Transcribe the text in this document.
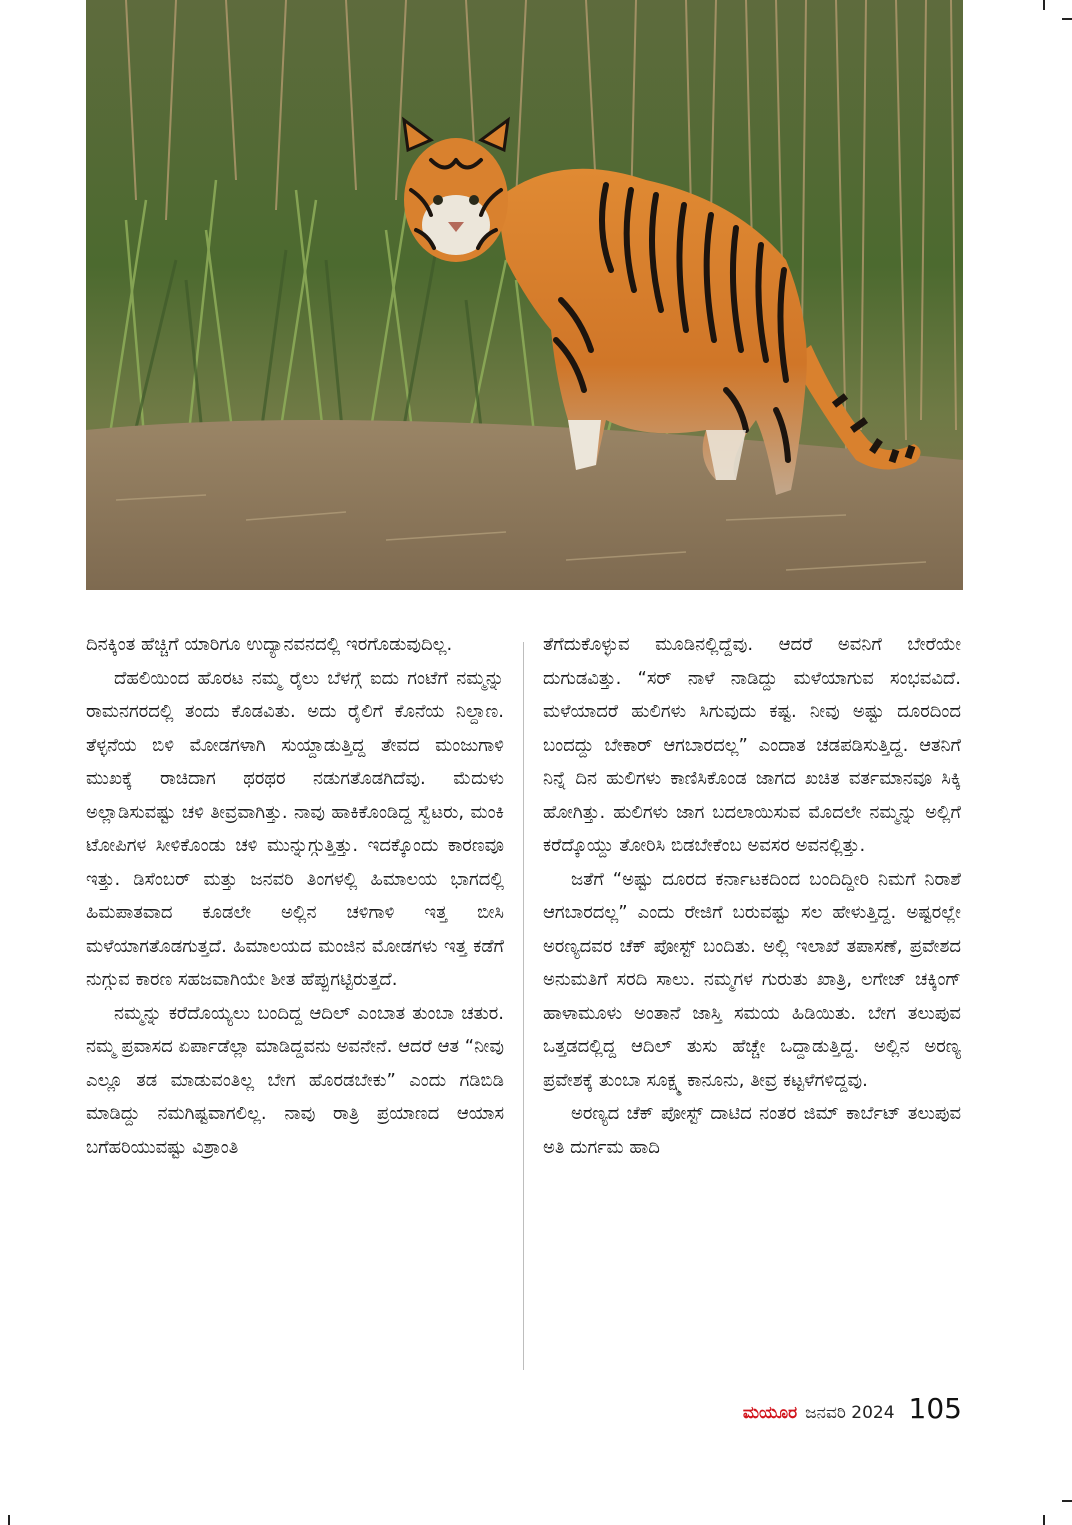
ದಿನಕ್ಕಿಂತ ಹೆಚ್ಚಿಗೆ ಯಾರಿಗೂ ಉದ್ಯಾನವನದಲ್ಲಿ ಇರಗೊಡುವುದಿಲ್ಲ.

ದೆಹಲಿಯಿಂದ ಹೊರಟ ನಮ್ಮ ರೈಲು ಬೆಳಗ್ಗೆ ಐದು ಗಂಟೆಗೆ ನಮ್ಮನ್ನು ರಾಮನಗರದಲ್ಲಿ ತಂದು ಕೊಡವಿತು. ಅದು ರೈಲಿಗೆ ಕೊನೆಯ ನಿಲ್ದಾಣ. ತೆಳ್ಳನೆಯ ಬಿಳಿ ಮೋಡಗಳಾಗಿ ಸುಯ್ದಾಡುತ್ತಿದ್ದ ತೇವದ ಮಂಜುಗಾಳಿ ಮುಖಕ್ಕೆ ರಾಚಿದಾಗ ಥರಥರ ನಡುಗತೊಡಗಿದೆವು. ಮೆದುಳು ಅಲ್ಲಾಡಿಸುವಷ್ಟು ಚಳಿ ತೀವ್ರವಾಗಿತ್ತು. ನಾವು ಹಾಕಿಕೊಂಡಿದ್ದ ಸ್ವೆಟರು, ಮಂಕಿ ಟೋಪಿಗಳ ಸೀಳಿಕೊಂಡು ಚಳಿ ಮುನ್ನುಗ್ಗುತ್ತಿತ್ತು. ಇದಕ್ಕೊಂದು ಕಾರಣವೂ ಇತ್ತು. ಡಿಸೆಂಬರ್ ಮತ್ತು ಜನವರಿ ತಿಂಗಳಲ್ಲಿ ಹಿಮಾಲಯ ಭಾಗದಲ್ಲಿ ಹಿಮಪಾತವಾದ ಕೂಡಲೇ ಅಲ್ಲಿನ ಚಳಿಗಾಳಿ ಇತ್ತ ಬೀಸಿ ಮಳೆಯಾಗತೊಡಗುತ್ತದೆ. ಹಿಮಾಲಯದ ಮಂಜಿನ ಮೋಡಗಳು ಇತ್ತ ಕಡೆಗೆ ನುಗ್ಗುವ ಕಾರಣ ಸಹಜವಾಗಿಯೇ ಶೀತ ಹೆಪ್ಪುಗಟ್ಟಿರುತ್ತದೆ.

ನಮ್ಮನ್ನು ಕರೆದೊಯ್ಯಲು ಬಂದಿದ್ದ ಆದಿಲ್ ಎಂಬಾತ ತುಂಬಾ ಚತುರ. ನಮ್ಮ ಪ್ರವಾಸದ ಏರ್ಪಾಡೆಲ್ಲಾ ಮಾಡಿದ್ದವನು ಅವನೇನೆ. ಆದರೆ ಆತ “ನೀವು ಎಲ್ಲೂ ತಡ ಮಾಡುವಂತಿಲ್ಲ ಬೇಗ ಹೊರಡಬೇಕು” ಎಂದು ಗಡಿಬಿಡಿ ಮಾಡಿದ್ದು ನಮಗಿಷ್ಟವಾಗಲಿಲ್ಲ. ನಾವು ರಾತ್ರಿ ಪ್ರಯಾಣದ ಆಯಾಸ ಬಗೆಹರಿಯುವಷ್ಟು ವಿಶ್ರಾಂತಿ

ತೆಗೆದುಕೊಳ್ಳುವ ಮೂಡಿನಲ್ಲಿದ್ದೆವು. ಆದರೆ ಅವನಿಗೆ ಬೇರೆಯೇ ದುಗುಡವಿತ್ತು. “ಸರ್ ನಾಳೆ ನಾಡಿದ್ದು ಮಳೆಯಾಗುವ ಸಂಭವವಿದೆ. ಮಳೆಯಾದರೆ ಹುಲಿಗಳು ಸಿಗುವುದು ಕಷ್ಟ. ನೀವು ಅಷ್ಟು ದೂರದಿಂದ ಬಂದದ್ದು ಬೇಕಾರ್ ಆಗಬಾರದಲ್ಲ” ಎಂದಾತ ಚಡಪಡಿಸುತ್ತಿದ್ದ. ಆತನಿಗೆ ನಿನ್ನೆ ದಿನ ಹುಲಿಗಳು ಕಾಣಿಸಿಕೊಂಡ ಜಾಗದ ಖಚಿತ ವರ್ತಮಾನವೂ ಸಿಕ್ಕಿ ಹೋಗಿತ್ತು. ಹುಲಿಗಳು ಜಾಗ ಬದಲಾಯಿಸುವ ಮೊದಲೇ ನಮ್ಮನ್ನು ಅಲ್ಲಿಗೆ ಕರೆದ್ಕೊಯ್ದು ತೋರಿಸಿ ಬಿಡಬೇಕೆಂಬ ಅವಸರ ಅವನಲ್ಲಿತ್ತು.

ಜತೆಗೆ “ಅಷ್ಟು ದೂರದ ಕರ್ನಾಟಕದಿಂದ ಬಂದಿದ್ದೀರಿ ನಿಮಗೆ ನಿರಾಶೆ ಆಗಬಾರದಲ್ಲ” ಎಂದು ರೇಜಿಗೆ ಬರುವಷ್ಟು ಸಲ ಹೇಳುತ್ತಿದ್ದ. ಅಷ್ಟರಲ್ಲೇ ಅರಣ್ಯದವರ ಚೆಕ್ ಪೋಸ್ಟ್ ಬಂದಿತು. ಅಲ್ಲಿ ಇಲಾಖೆ ತಪಾಸಣೆ, ಪ್ರವೇಶದ ಅನುಮತಿಗೆ ಸರದಿ ಸಾಲು. ನಮ್ಮಗಳ ಗುರುತು ಖಾತ್ರಿ, ಲಗೇಜ್ ಚಕ್ಕಿಂಗ್ ಹಾಳಾಮೂಳು ಅಂತಾನೆ ಜಾಸ್ತಿ ಸಮಯ ಹಿಡಿಯಿತು. ಬೇಗ ತಲುಪುವ ಒತ್ತಡದಲ್ಲಿದ್ದ ಆದಿಲ್ ತುಸು ಹೆಚ್ಚೇ ಒದ್ದಾಡುತ್ತಿದ್ದ. ಅಲ್ಲಿನ ಅರಣ್ಯ ಪ್ರವೇಶಕ್ಕೆ ತುಂಬಾ ಸೂಕ್ಷ್ಮ ಕಾನೂನು, ತೀವ್ರ ಕಟ್ಟಳೆಗಳಿದ್ದವು.

ಅರಣ್ಯದ ಚೆಕ್ ಪೋಸ್ಟ್ ದಾಟಿದ ನಂತರ ಜಿಮ್ ಕಾರ್ಬೆಟ್ ತಲುಪುವ ಅತಿ ದುರ್ಗಮ ಹಾದಿ

ಮಯೂರ ಜನವರಿ 2024 105
